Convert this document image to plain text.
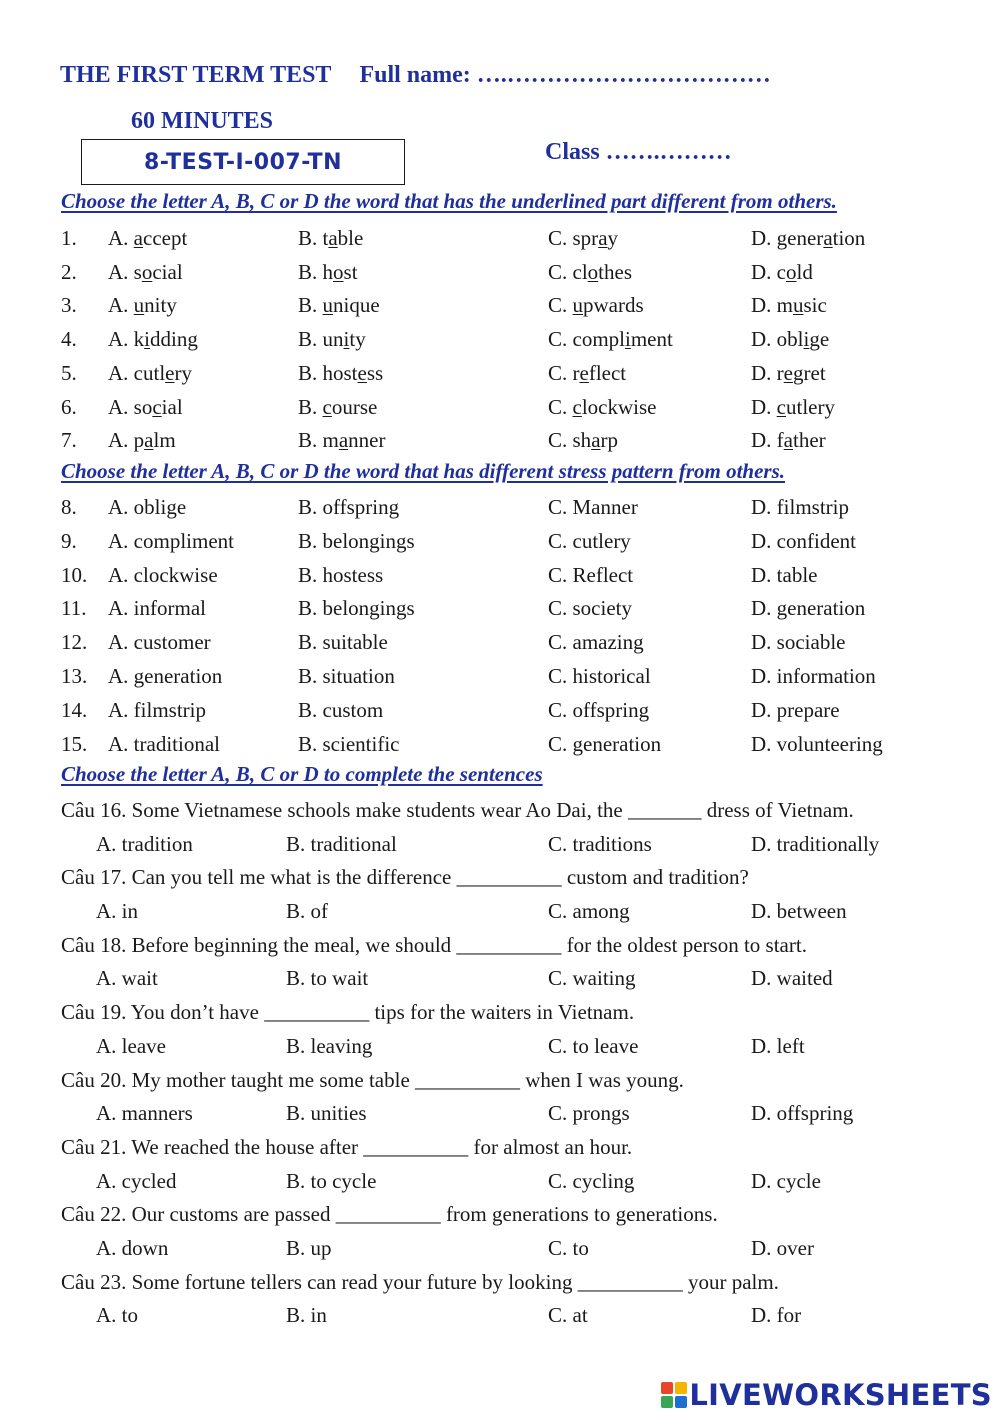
THE FIRST TERM TEST Full name: ….……………………………
60 MINUTES
8-TEST-I-007-TN	Class …….………
Choose the letter A, B, C or D the word that has the underlined part different from others.
1. A. accept	B. table	C. spray	D. generation
2. A. social	B. host	C. clothes	D. cold
3. A. unity	B. unique	C. upwards	D. music
4. A. kidding	B. unity	C. compliment	D. oblige
5. A. cutlery	B. hostess	C. reflect	D. regret
6. A. social	B. course	C. clockwise	D. cutlery
7. A. palm	B. manner	C. sharp	D. father
Choose the letter A, B, C or D the word that has different stress pattern from others.
8. A. oblige	B. offspring	C. Manner	D. filmstrip
9. A. compliment	B. belongings	C. cutlery	D. confident
10. A. clockwise	B. hostess	C. Reflect	D. table
11. A. informal	B. belongings	C. society	D. generation
12. A. customer	B. suitable	C. amazing	D. sociable
13. A. generation	B. situation	C. historical	D. information
14. A. filmstrip	B. custom	C. offspring	D. prepare
15. A. traditional	B. scientific	C. generation	D. volunteering
Choose the letter A, B, C or D to complete the sentences
Câu 16. Some Vietnamese schools make students wear Ao Dai, the _______ dress of Vietnam.
A. tradition	B. traditional	C. traditions	D. traditionally
Câu 17. Can you tell me what is the difference __________ custom and tradition?
A. in	B. of	C. among	D. between
Câu 18. Before beginning the meal, we should __________ for the oldest person to start.
A. wait	B. to wait	C. waiting	D. waited
Câu 19. You don’t have __________ tips for the waiters in Vietnam.
A. leave	B. leaving	C. to leave	D. left
Câu 20. My mother taught me some table __________ when I was young.
A. manners	B. unities	C. prongs	D. offspring
Câu 21. We reached the house after __________ for almost an hour.
A. cycled	B. to cycle	C. cycling	D. cycle
Câu 22. Our customs are passed __________ from generations to generations.
A. down	B. up	C. to	D. over
Câu 23. Some fortune tellers can read your future by looking __________ your palm.
A. to	B. in	C. at	D. for
LIVEWORKSHEETS
